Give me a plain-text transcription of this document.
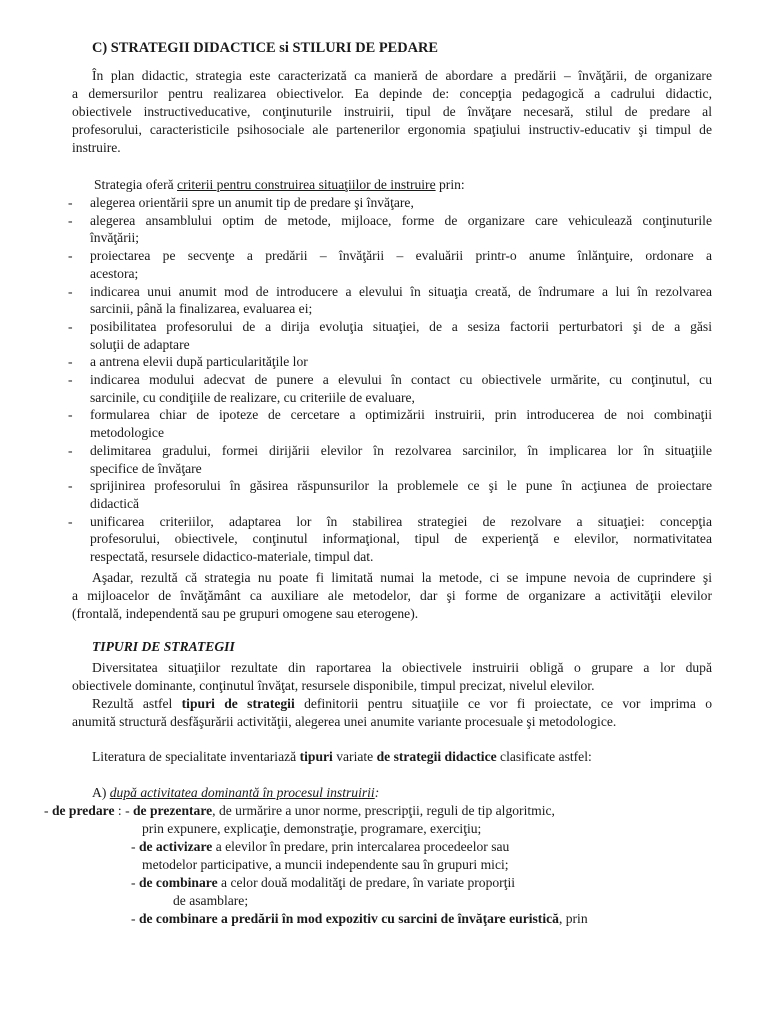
C) STRATEGII DIDACTICE si STILURI DE PEDARE
În plan didactic, strategia este caracterizată ca manieră de abordare a predării – învăţării, de organizare
a demersurilor pentru realizarea obiectivelor. Ea depinde de: concepţia pedagogică a cadrului didactic,
obiectivele instructiveducative, conţinuturile instruirii, tipul de învăţare necesară, stilul de predare al
profesorului, caracteristicile psihosociale ale partenerilor ergonomia spaţiului instructiv-educativ şi timpul de
instruire.
Strategia oferă criterii pentru construirea situaţiilor de instruire prin:
- alegerea orientării spre un anumit tip de predare şi învăţare,
- alegerea ansamblului optim de metode, mijloace, forme de organizare care vehiculează conţinuturile
învăţării;
- proiectarea pe secvenţe a predării – învăţării – evaluării printr-o anume înlănţuire, ordonare a
acestora;
- indicarea unui anumit mod de introducere a elevului în situaţia creată, de îndrumare a lui în rezolvarea
sarcinii, până la finalizarea, evaluarea ei;
- posibilitatea profesorului de a dirija evoluţia situaţiei, de a sesiza factorii perturbatori şi de a găsi
soluţii de adaptare
- a antrena elevii după particularităţile lor
- indicarea modului adecvat de punere a elevului în contact cu obiectivele urmărite, cu conţinutul, cu
sarcinile, cu condiţiile de realizare, cu criteriile de evaluare,
- formularea chiar de ipoteze de cercetare a optimizării instruirii, prin introducerea de noi combinaţii
metodologice
- delimitarea gradului, formei dirijării elevilor în rezolvarea sarcinilor, în implicarea lor în situaţiile
specifice de învăţare
- sprijinirea profesorului în găsirea răspunsurilor la problemele ce şi le pune în acţiunea de proiectare
didactică
- unificarea criteriilor, adaptarea lor în stabilirea strategiei de rezolvare a situaţiei: concepţia
profesorului, obiectivele, conţinutul informaţional, tipul de experienţă e elevilor, normativitatea
respectată, resursele didactico-materiale, timpul dat.
Aşadar, rezultă că strategia nu poate fi limitată numai la metode, ci se impune nevoia de cuprindere şi
a mijloacelor de învăţământ ca auxiliare ale metodelor, dar şi forme de organizare a activităţii elevilor
(frontală, independentă sau pe grupuri omogene sau eterogene).
TIPURI DE STRATEGII
Diversitatea situaţiilor rezultate din raportarea la obiectivele instruirii obligă o grupare a lor după
obiectivele dominante, conţinutul învăţat, resursele disponibile, timpul precizat, nivelul elevilor.
Rezultă astfel tipuri de strategii definitorii pentru situaţiile ce vor fi proiectate, ce vor imprima o
anumită structură desfăşurării activităţii, alegerea unei anumite variante procesuale şi metodologice.
Literatura de specialitate inventariază tipuri variate de strategii didactice clasificate astfel:
A) după activitatea dominantă în procesul instruirii:
- de predare : - de prezentare, de urmărire a unor norme, prescripţii, reguli de tip algoritmic,
prin expunere, explicaţie, demonstraţie, programare, exerciţiu;
- de activizare a elevilor în predare, prin intercalarea procedeelor sau
metodelor participative, a muncii independente sau în grupuri mici;
- de combinare a celor două modalităţi de predare, în variate proporţii
de asamblare;
- de combinare a predării în mod expozitiv cu sarcini de învăţare euristică, prin
